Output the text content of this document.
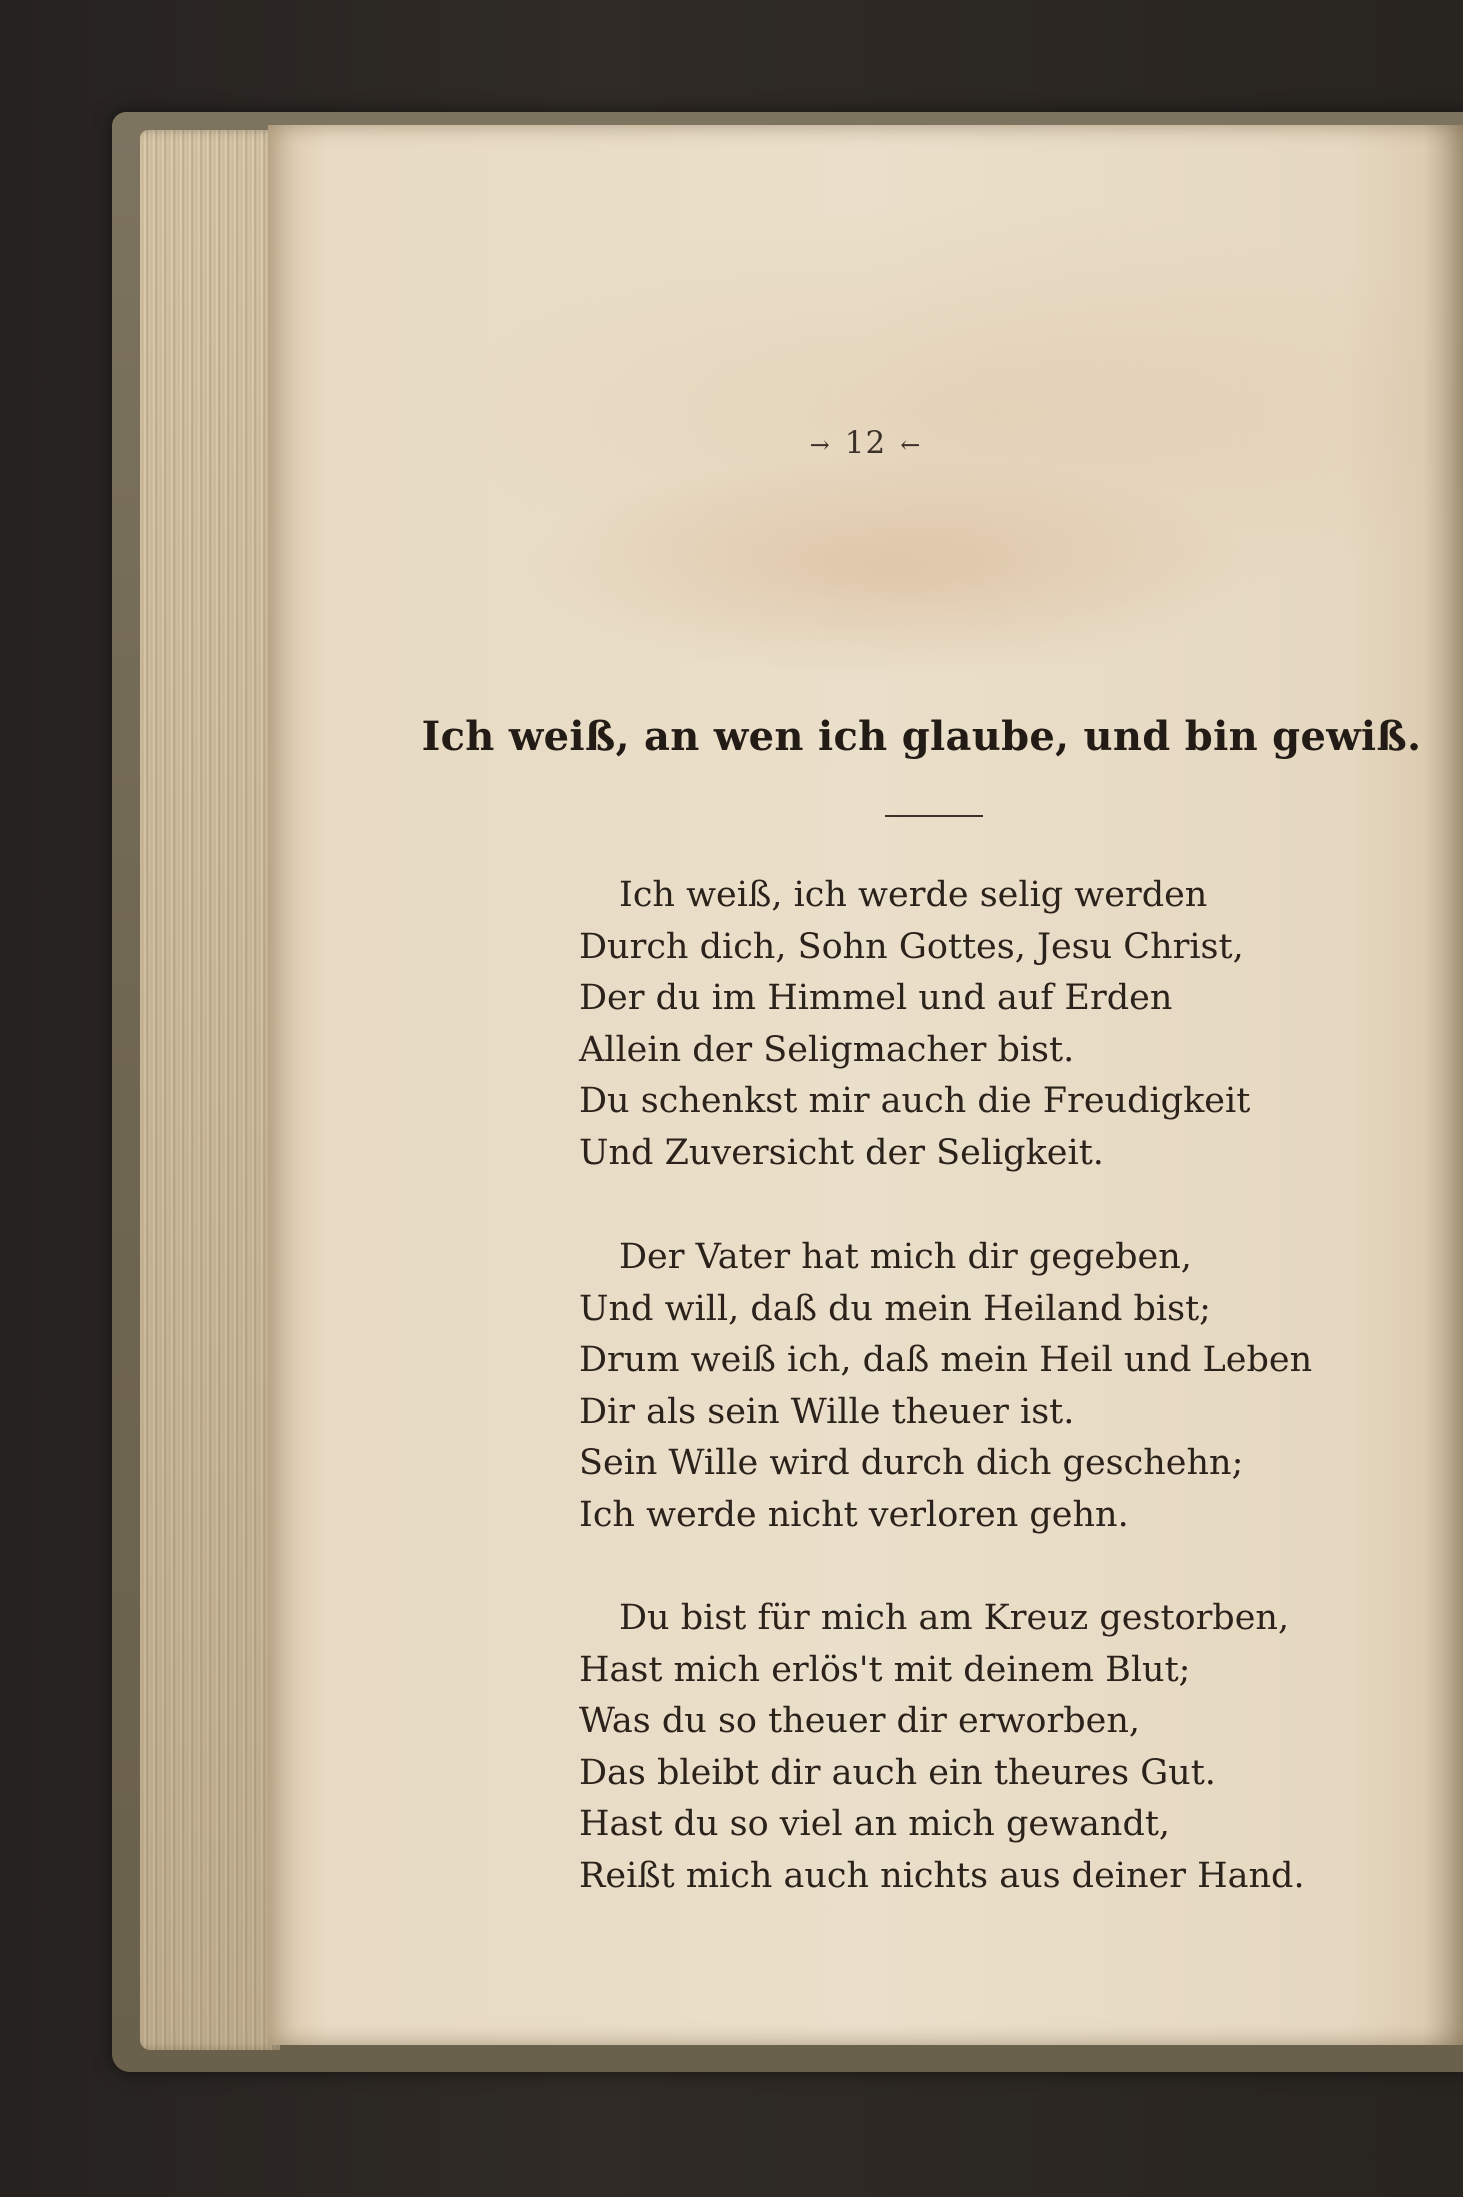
→ 12 ←
Ich weiß, an wen ich glaube, und bin gewiß.
Ich weiß, ich werde selig werden
Durch dich, Sohn Gottes, Jesu Christ,
Der du im Himmel und auf Erden
Allein der Seligmacher bist.
Du schenkst mir auch die Freudigkeit
Und Zuversicht der Seligkeit.
Der Vater hat mich dir gegeben,
Und will, daß du mein Heiland bist;
Drum weiß ich, daß mein Heil und Leben
Dir als sein Wille theuer ist.
Sein Wille wird durch dich geschehn;
Ich werde nicht verloren gehn.
Du bist für mich am Kreuz gestorben,
Hast mich erlös't mit deinem Blut;
Was du so theuer dir erworben,
Das bleibt dir auch ein theures Gut.
Hast du so viel an mich gewandt,
Reißt mich auch nichts aus deiner Hand.
